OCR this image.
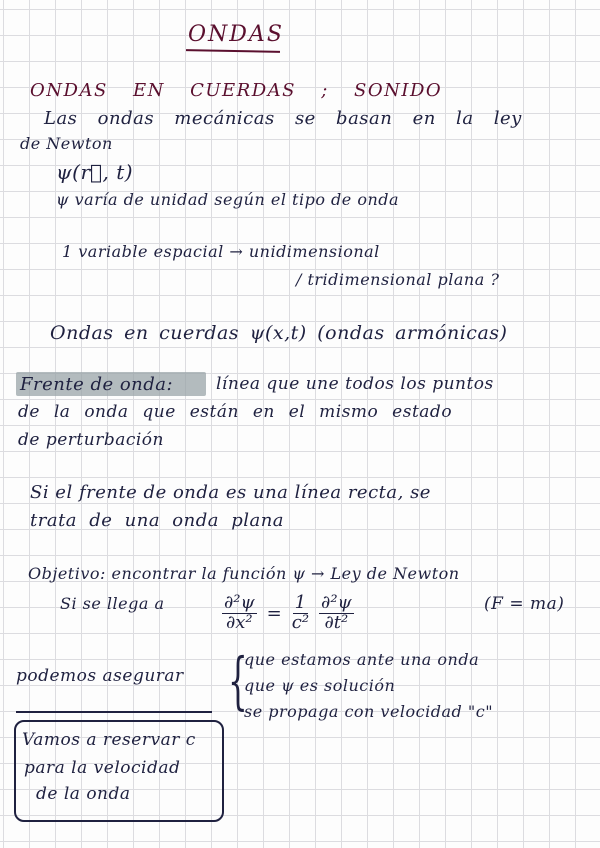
ONDAS
ONDAS EN CUERDAS ; SONIDO
Las ondas mecánicas se basan en la ley
de Newton
ψ(r⃗, t)
ψ varía de unidad según el tipo de onda
1 variable espacial → unidimensional
/ tridimensional plana ?
Ondas en cuerdas ψ(x,t) (ondas armónicas)
Frente de onda:	línea que une todos los puntos
de la onda que están en el mismo estado
de perturbación
Si el frente de onda es una línea recta, se
trata de una onda plana
Objetivo: encontrar la función ψ → Ley de Newton
Si se llega a	$\frac{\text{∂²ψ}}{\text{∂x²}} = \frac{1}{\text{c²}} \frac{\text{∂²ψ}}{\text{∂t²}}$	(F = ma)
podemos asegurar {
que estamos ante una onda
que ψ es solución
se propaga con velocidad "c"
Vamos a reservar c
para la velocidad
de la onda
